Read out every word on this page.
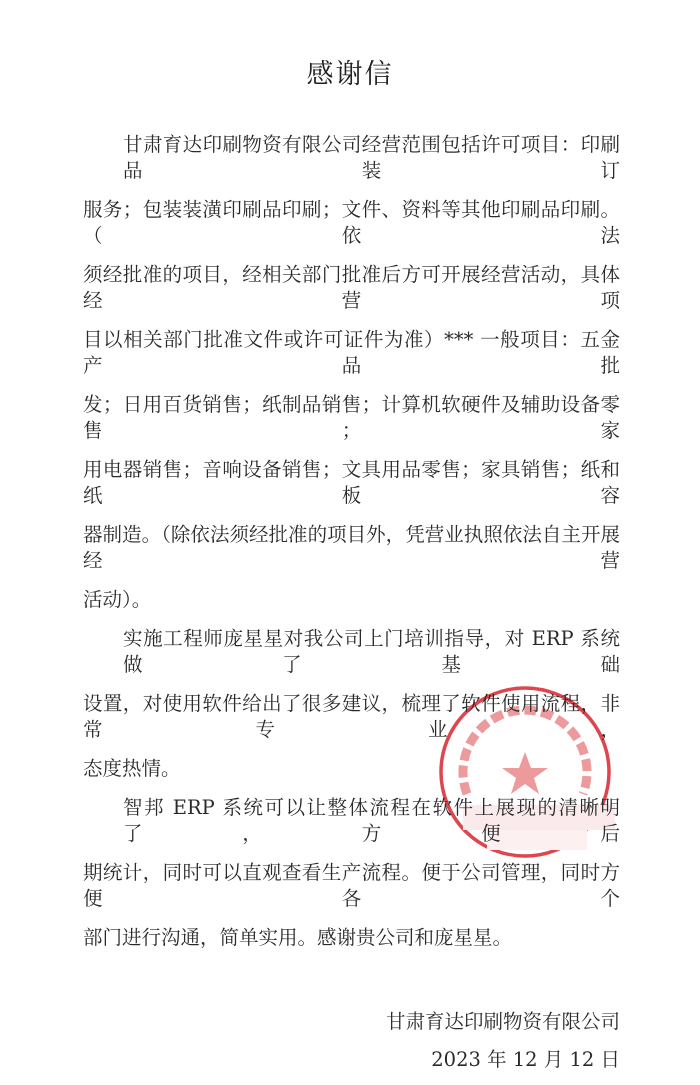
感谢信
甘肃育达印刷物资有限公司经营范围包括许可项目：印刷品装订
服务；包装装潢印刷品印刷；文件、资料等其他印刷品印刷。（依法
须经批准的项目，经相关部门批准后方可开展经营活动，具体经营项
目以相关部门批准文件或许可证件为准）*** 一般项目：五金产品批
发；日用百货销售；纸制品销售；计算机软硬件及辅助设备零售；家
用电器销售；音响设备销售；文具用品零售；家具销售；纸和纸板容
器制造。（除依法须经批准的项目外，凭营业执照依法自主开展经营
活动）。
实施工程师庞星星对我公司上门培训指导，对 ERP 系统做了基础
设置，对使用软件给出了很多建议，梳理了软件使用流程，非常专业，
态度热情。
智邦 ERP 系统可以让整体流程在软件上展现的清晰明了，方便后
期统计，同时可以直观查看生产流程。便于公司管理，同时方便各个
部门进行沟通，简单实用。感谢贵公司和庞星星。
甘肃育达印刷物资有限公司
2023 年 12 月 12 日
